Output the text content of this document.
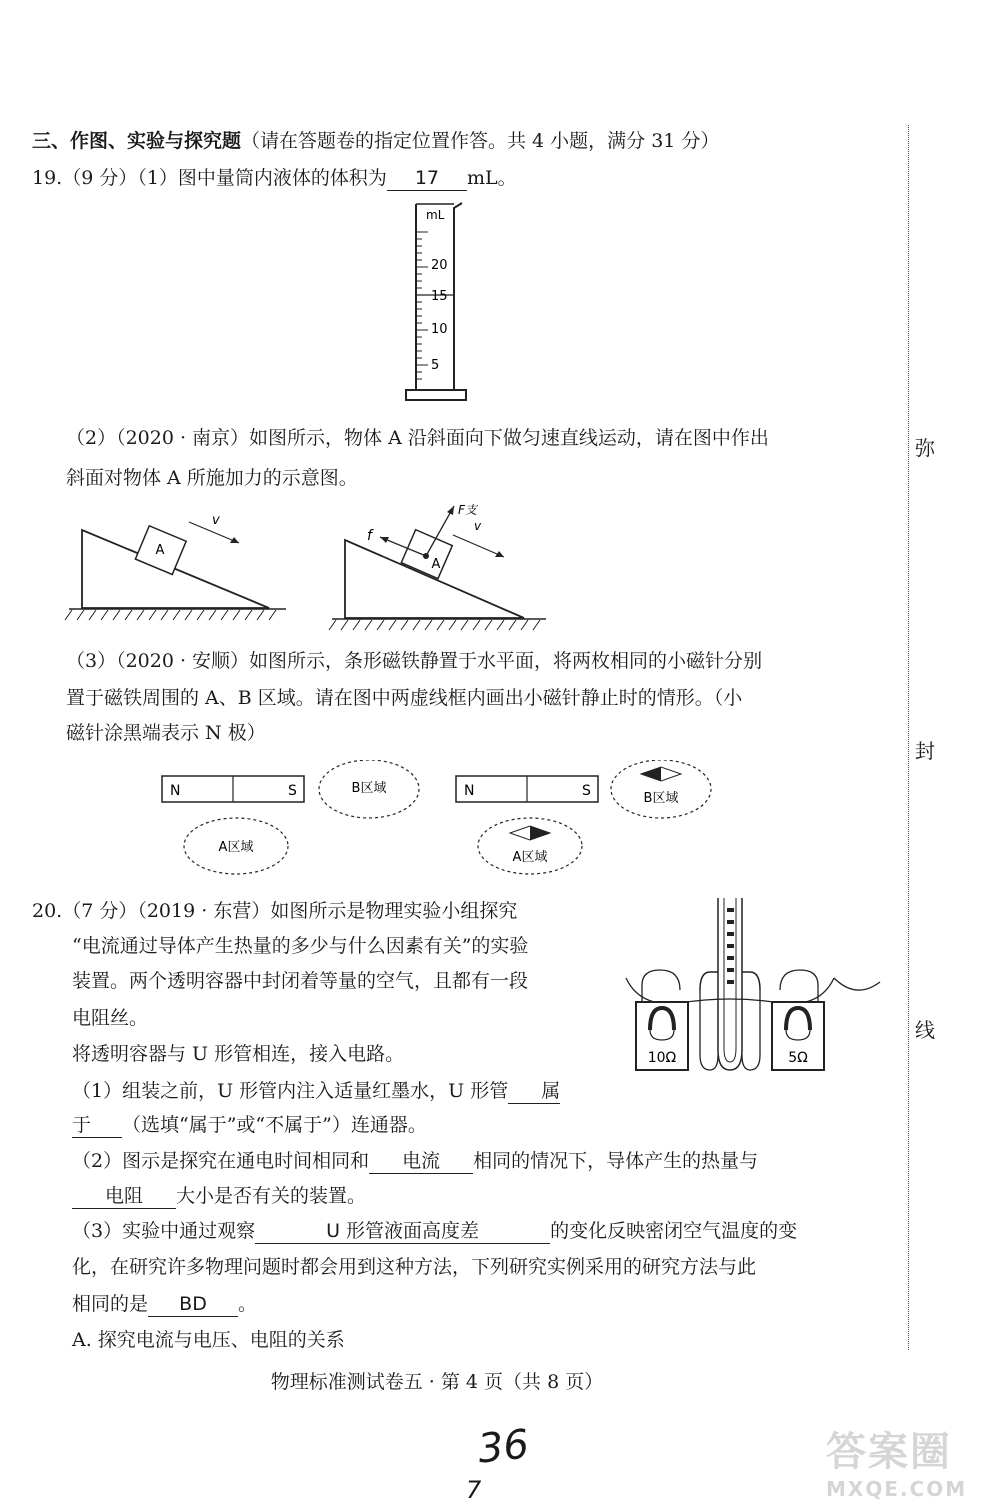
三、作图、实验与探究题（请在答题卷的指定位置作答。共 4 小题，满分 31 分）
19.（9 分）（1）图中量筒内液体的体积为 17 mL。
mL
20
15
10
5
（2）（2020 · 南京）如图所示，物体 A 沿斜面向下做匀速直线运动，请在图中作出
斜面对物体 A 所施加力的示意图。
A
v
A
f
F支
v
（3）（2020 · 安顺）如图所示，条形磁铁静置于水平面，将两枚相同的小磁针分别
置于磁铁周围的 A、B 区域。请在图中两虚线框内画出小磁针静止时的情形。（小
磁针涂黑端表示 N 极）
N	S	B区域
A区域
N	S	B区域
A区域
20.（7 分）（2019 · 东营）如图所示是物理实验小组探究
“电流通过导体产生热量的多少与什么因素有关”的实验
装置。两个透明容器中封闭着等量的空气，且都有一段
电阻丝。
将透明容器与 U 形管相连，接入电路。
（1）组装之前，U 形管内注入适量红墨水，U 形管 属
于 （选填“属于”或“不属于”）连通器。
10Ω	5Ω
（2）图示是探究在通电时间相同和 电流 相同的情况下，导体产生的热量与
电阻 大小是否有关的装置。
（3）实验中通过观察	U 形管液面高度差	的变化反映密闭空气温度的变
化，在研究许多物理问题时都会用到这种方法，下列研究实例采用的研究方法与此
相同的是 BD 。
A. 探究电流与电压、电阻的关系
物理标准测试卷五 · 第 4 页（共 8 页）
弥
封
线
36
7
答案圈
MXQE.COM
